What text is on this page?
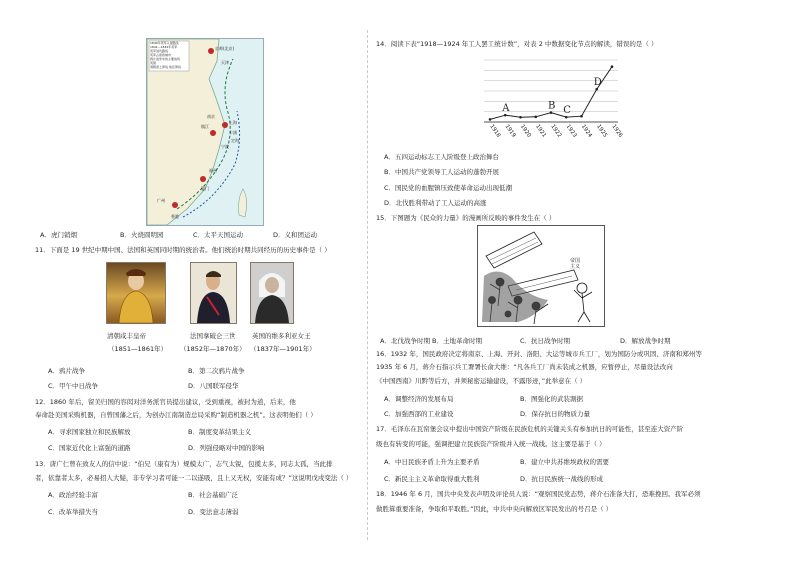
1840年英军入侵路线
1841—1842年英军
英军进攻路线
英军占领的城市
鸦片战争中的主要战场
英国
清朝领土界线 地区界线
京师(北京)
天津
南京
镇江
上海
乍浦
定海
宁波
福州
厦门
广州
香港
A．虎门销烟	B．火烧圆明园	C．太平天国运动	D．义和团运动
11．下面是 19 世纪中期中国、法国和英国同时期的统治者。他们统治时期共同经历的历史事件是（ ）
清朝咸丰皇帝	法国拿破仑三世	英国的维多利亚女王
（1851—1861年） （1852年—1870年） （1837年—1901年）
A．鸦片战争	B．第二次鸦片战争
C．甲午中日战争	D．八国联军侵华
12．1860 年后，留美归国的容闳对洋务派官员提出建议，受到重视，被封为道，后来，他
奉命赴美国采购机器，自曾国藩之后，为创办江南制造总局采购“制造机器之机”。这表明他们（ ）
A．寻求国家独立和民族解放	B．制度变革结果主义
C．国家近代化上富强的道路	D．列强侵略对中国的影响
13．唐广仁曾在致友人的信中说：“伯兄（康有为）规模太广，志气太锐，包揽太多，同志太孤，当此排
者，依靠者太多，必易招人大疑，非专学习者可能一二以遂吸，且上又无权，安能有成？”这说明戊戌变法（ ）
A．政治经验丰富	B．社会基础广泛
C．改革举措失当	D．变法意志薄弱
14．阅读下表“1918—1924 年工人罢工统计数”，对表 2 中数据变化节点的解读，错误的是（ ）
1918 1919 1920 1921 1922 1923 1924 1925 1926
A	B C
D
A．五四运动标志工人阶级登上政治舞台
B．中国共产党领导工人运动的蓬勃开展
C．国民党的血腥镇压致使革命运动出现低潮
D．北伐胜利带动了工人运动的高涨
15．下图题为《民众的力量》的漫画所反映的事件发生在（ ）
帝国主义
A．北伐战争时期 B．土地革命时期	C．抗日战争时期	D．解放战争时期
16．1932 年，国民政府决定将南京、上海、开封、洛阳、大运等城市兵工厂，划为国防分或巩固、济南和郑州等
1935 年 6 月，蒋介石指示兵工署署长俞大维：“凡各兵工厂尚未装成之机器，应暂停止，尽量设法改向
《中国西南》川黔等后方，并须秘密运输建设，不露形迹，”此举意在（ ）
A．调整经济的发展布局	B．图强化的武装割据
C．加强西部的工业建设	D．保存抗日的物质力量
17．毛泽东在瓦窑堡会议中提出中国资产阶级在民族危机的关键关头有参加抗日的可能性，甚至连大资产阶
级也有转变的可能，强调把建立民族资产阶级并入统一战线。这主要是基于（ ）
A．中日民族矛盾上升为主要矛盾	B．建立中共苏维埃政权的需要
C．新民主主义革命取得重大胜利	D．抗日民族统一战线的形成
18．1946 年 6 月，国共中央发表声明及评论员人说：“观察国民党态势，蒋介石准备大打，恐难挽回。我军必须
做胜算重要准备，争取和平取胜。”因此，中共中央向解放区军民发出的号召是（ ）
